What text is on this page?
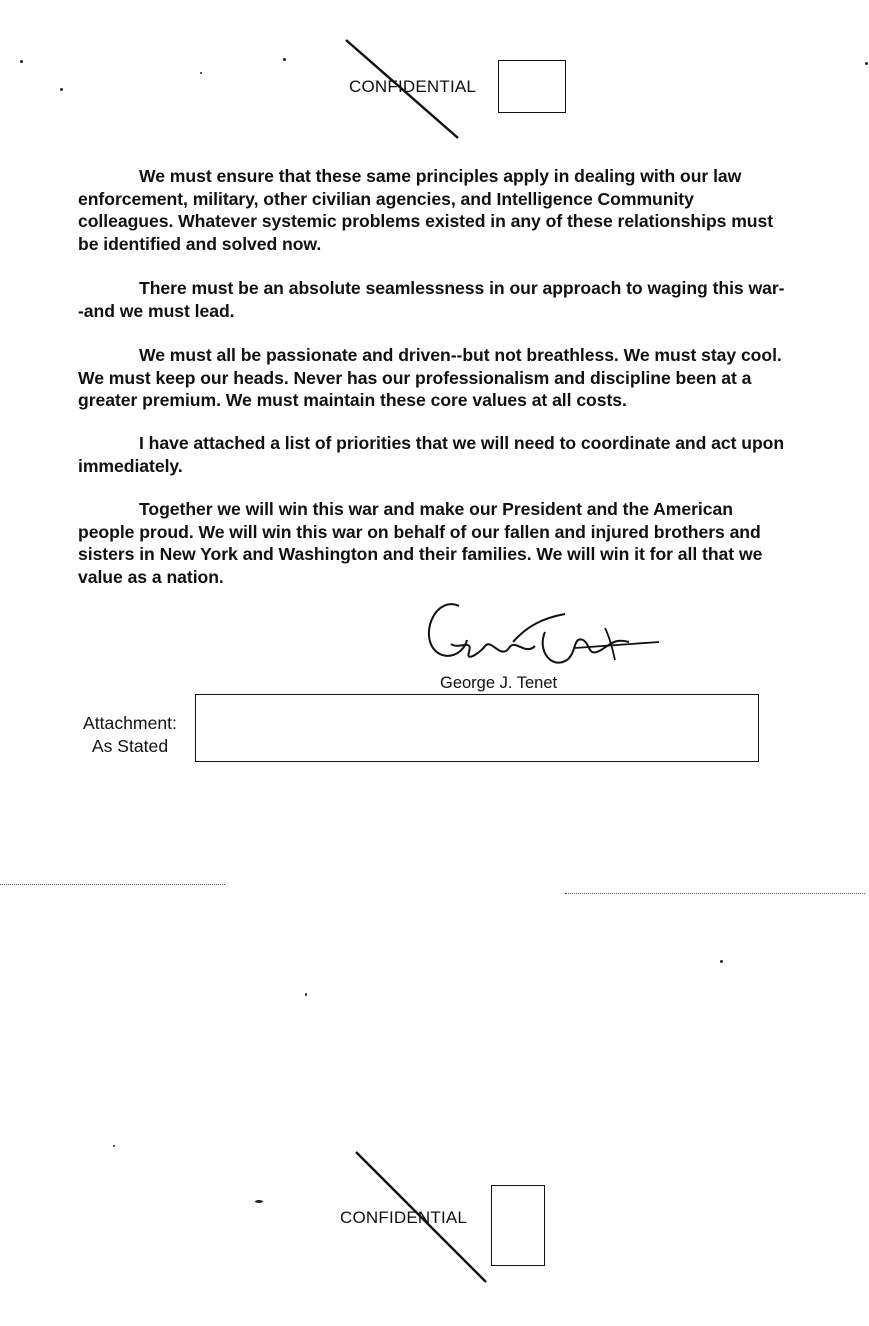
CONFIDENTIAL

We must ensure that these same principles apply in dealing with our law enforcement, military, other civilian agencies, and Intelligence Community colleagues. Whatever systemic problems existed in any of these relationships must be identified and solved now.

There must be an absolute seamlessness in our approach to waging this war--and we must lead.

We must all be passionate and driven--but not breathless. We must stay cool. We must keep our heads. Never has our professionalism and discipline been at a greater premium. We must maintain these core values at all costs.

I have attached a list of priorities that we will need to coordinate and act upon immediately.

Together we will win this war and make our President and the American people proud. We will win this war on behalf of our fallen and injured brothers and sisters in New York and Washington and their families. We will win it for all that we value as a nation.

George J. Tenet
Attachment:
As Stated
CONFIDENTIAL
